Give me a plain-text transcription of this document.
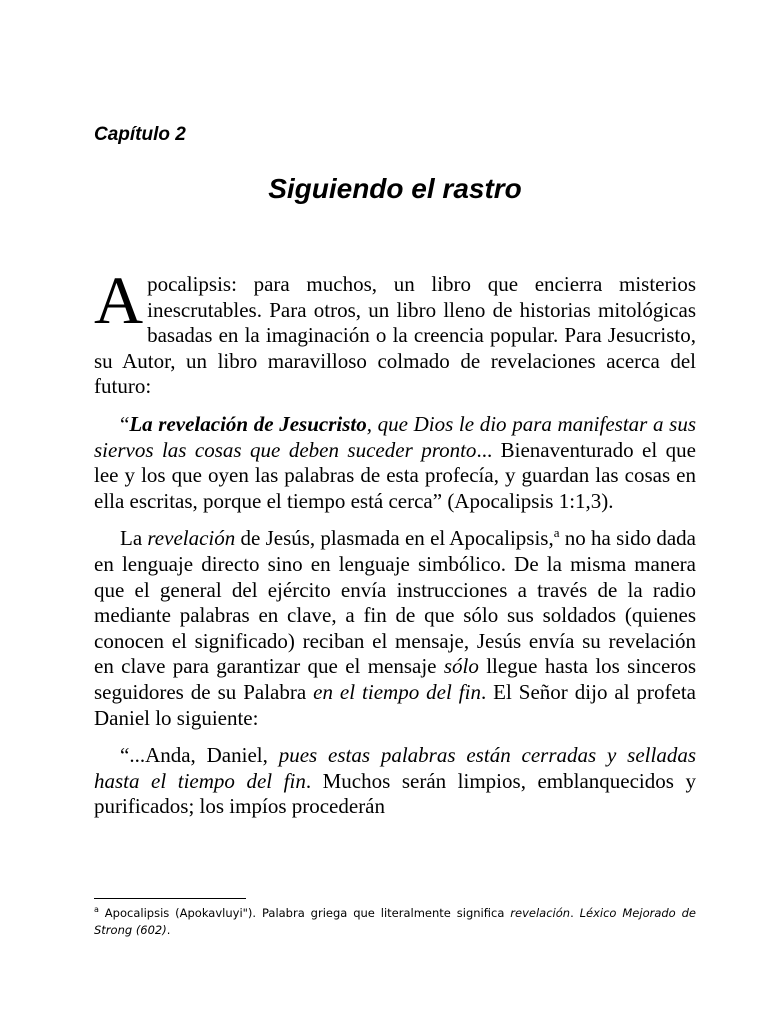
Capítulo 2
Siguiendo el rastro

Apocalipsis: para muchos, un libro que encierra misterios inescrutables. Para otros, un libro lleno de historias mitológicas basadas en la imaginación o la creencia popular. Para Jesucristo, su Autor, un libro maravilloso colmado de revelaciones acerca del futuro:

“La revelación de Jesucristo, que Dios le dio para manifestar a sus siervos las cosas que deben suceder pronto... Bienaventurado el que lee y los que oyen las palabras de esta profecía, y guardan las cosas en ella escritas, porque el tiempo está cerca” (Apocalipsis 1:1,3).

La revelación de Jesús, plasmada en el Apocalipsis,$^a$ no ha sido dada en lenguaje directo sino en lenguaje simbólico. De la misma manera que el general del ejército envía instrucciones a través de la radio mediante palabras en clave, a fin de que sólo sus soldados (quienes conocen el significado) reciban el mensaje, Jesús envía su revelación en clave para garantizar que el mensaje sólo llegue hasta los sinceros seguidores de su Palabra en el tiempo del fin. El Señor dijo al profeta Daniel lo siguiente:

“...Anda, Daniel, pues estas palabras están cerradas y selladas hasta el tiempo del fin. Muchos serán limpios, emblanquecidos y purificados; los impíos procederán

$^a$ Apocalipsis (Apokavluyi"). Palabra griega que literalmente significa revelación. Léxico Mejorado de Strong (602).
